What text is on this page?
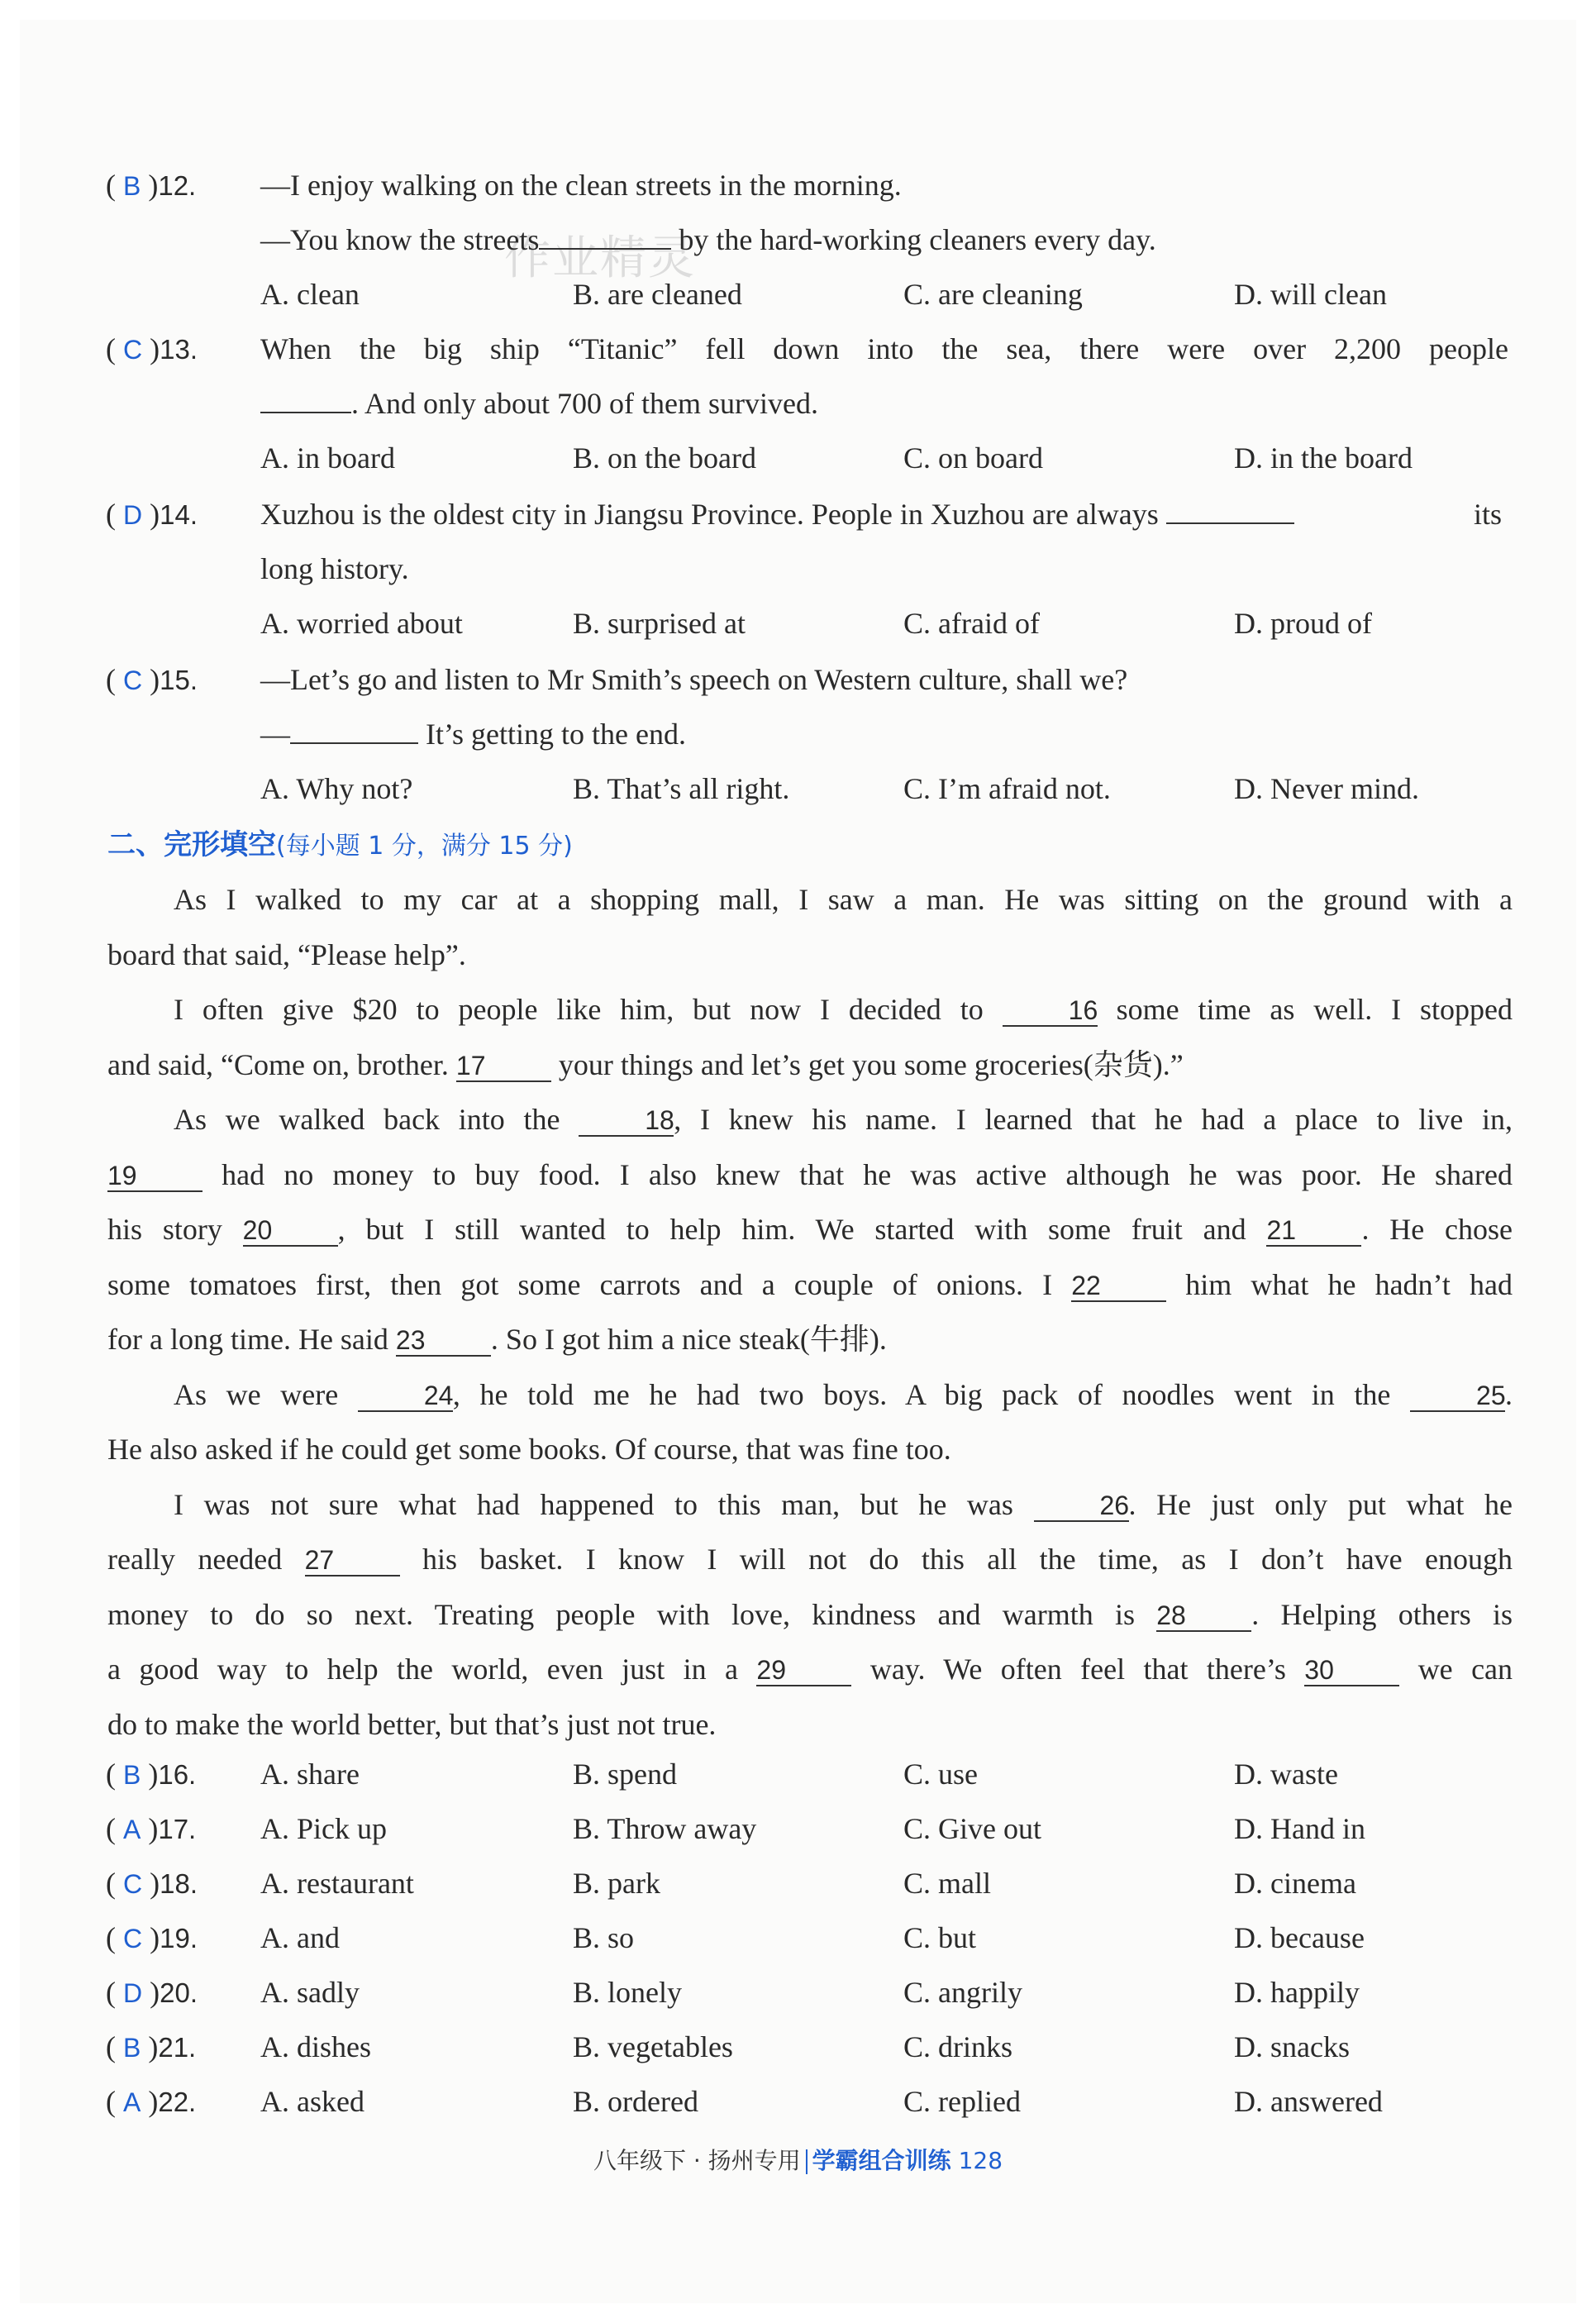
作业精灵
( B )12. —I enjoy walking on the clean streets in the morning.
—You know the streets	by the hard-working cleaners every day.
A. clean	B. are cleaned	C. are cleaning	D. will clean
( C )13. When the big ship “Titanic” fell down into the sea, there were over 2,200 people
. And only about 700 of them survived.
A. in board	B. on the board	C. on board	D. in the board
( D )14. Xuzhou is the oldest city in Jiangsu Province. People in Xuzhou are always	its
long history.
A. worried about	B. surprised at	C. afraid of	D. proud of
( C )15. —Let’s go and listen to Mr Smith’s speech on Western culture, shall we?
—	It’s getting to the end.
A. Why not?	B. That’s all right.	C. I’m afraid not.	D. Never mind.
二、完形填空(每小题 1 分，满分 15 分)
As I walked to my car at a shopping mall, I saw a man. He was sitting on the ground with a
board that said, “Please help”.
I often give $20 to people like him, but now I decided to	16 some time as well. I stopped
and said, “Come on, brother. 17 your things and let’s get you some groceries(杂货).”
As we walked back into the	18, I knew his name. I learned that he had a place to live in,
19	had no money to buy food. I also knew that he was active although he was poor. He shared
his story 20 , but I still wanted to help him. We started with some fruit and 21 . He chose
some tomatoes first, then got some carrots and a couple of onions. I 22	him what he hadn’t had
for a long time. He said 23 . So I got him a nice steak(牛排).
As we were	24, he told me he had two boys. A big pack of noodles went in the	25.
He also asked if he could get some books. Of course, that was fine too.
I was not sure what had happened to this man, but he was	26. He just only put what he
really needed 27	his basket. I know I will not do this all the time, as I don’t have enough
money to do so next. Treating people with love, kindness and warmth is 28 . Helping others is
a good way to help the world, even just in a 29	way. We often feel that there’s 30	we can
do to make the world better, but that’s just not true.
( B )16. A. share	B. spend	C. use	D. waste
( A )17. A. Pick up	B. Throw away	C. Give out	D. Hand in
( C )18. A. restaurant	B. park	C. mall	D. cinema
( C )19. A. and	B. so	C. but	D. because
( D )20. A. sadly	B. lonely	C. angrily	D. happily
( B )21. A. dishes	B. vegetables	C. drinks	D. snacks
( A )22. A. asked	B. ordered	C. replied	D. answered
八年级下 · 扬州专用 学霸组合训练 128
